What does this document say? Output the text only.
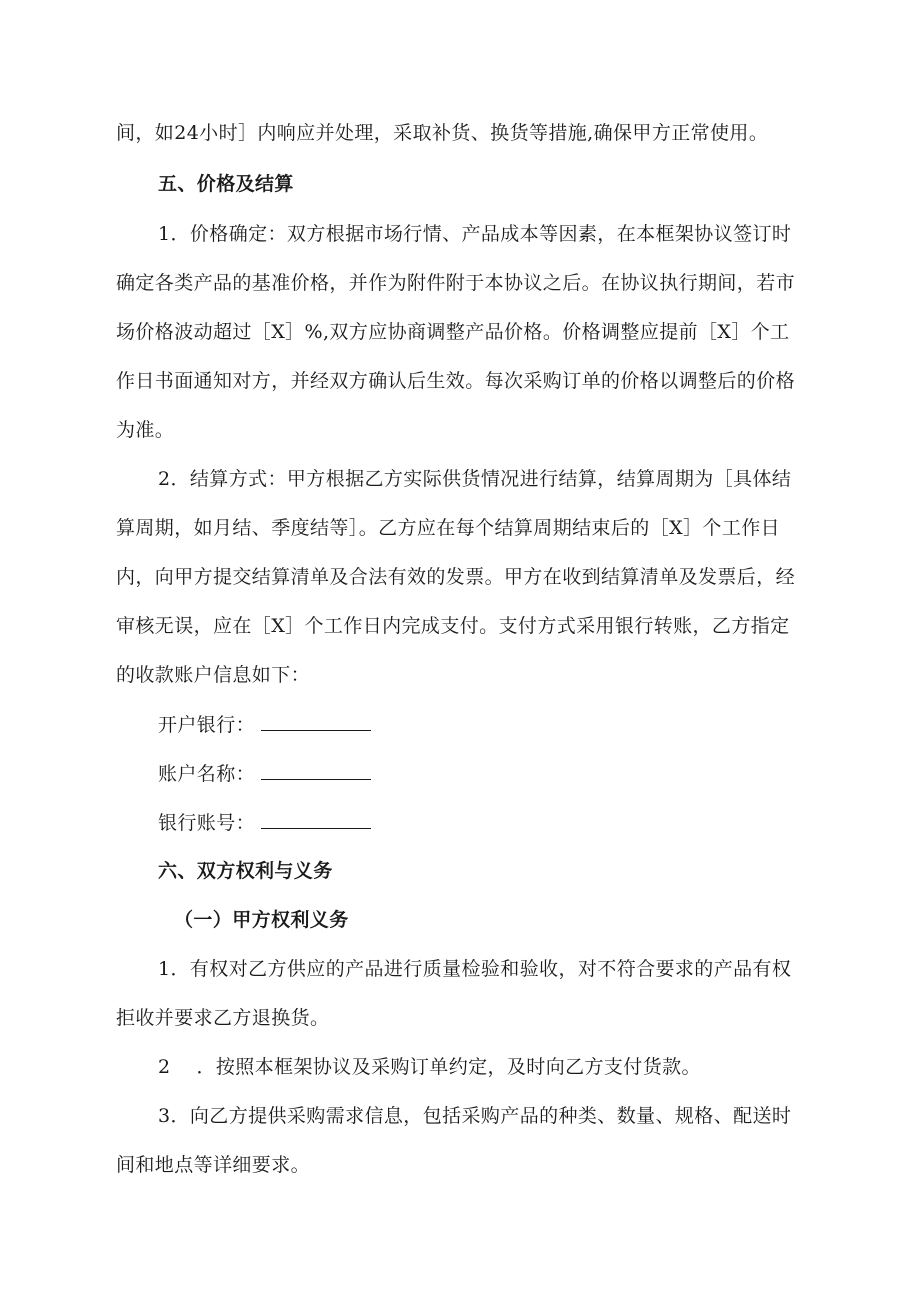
间，如24小时］内响应并处理，采取补货、换货等措施,确保甲方正常使用。
五、价格及结算
1．价格确定：双方根据市场行情、产品成本等因素，在本框架协议签订时
确定各类产品的基准价格，并作为附件附于本协议之后。在协议执行期间，若市
场价格波动超过［X］%,双方应协商调整产品价格。价格调整应提前［X］个工
作日书面通知对方，并经双方确认后生效。每次采购订单的价格以调整后的价格
为准。
2．结算方式：甲方根据乙方实际供货情况进行结算，结算周期为［具体结
算周期，如月结、季度结等］。乙方应在每个结算周期结束后的［X］个工作日
内，向甲方提交结算清单及合法有效的发票。甲方在收到结算清单及发票后，经
审核无误，应在［X］个工作日内完成支付。支付方式采用银行转账，乙方指定
的收款账户信息如下：
开户银行：
账户名称：
银行账号：
六、双方权利与义务
（一）甲方权利义务
1．有权对乙方供应的产品进行质量检验和验收，对不符合要求的产品有权
拒收并要求乙方退换货。
2 ．按照本框架协议及采购订单约定，及时向乙方支付货款。
3．向乙方提供采购需求信息，包括采购产品的种类、数量、规格、配送时
间和地点等详细要求。
